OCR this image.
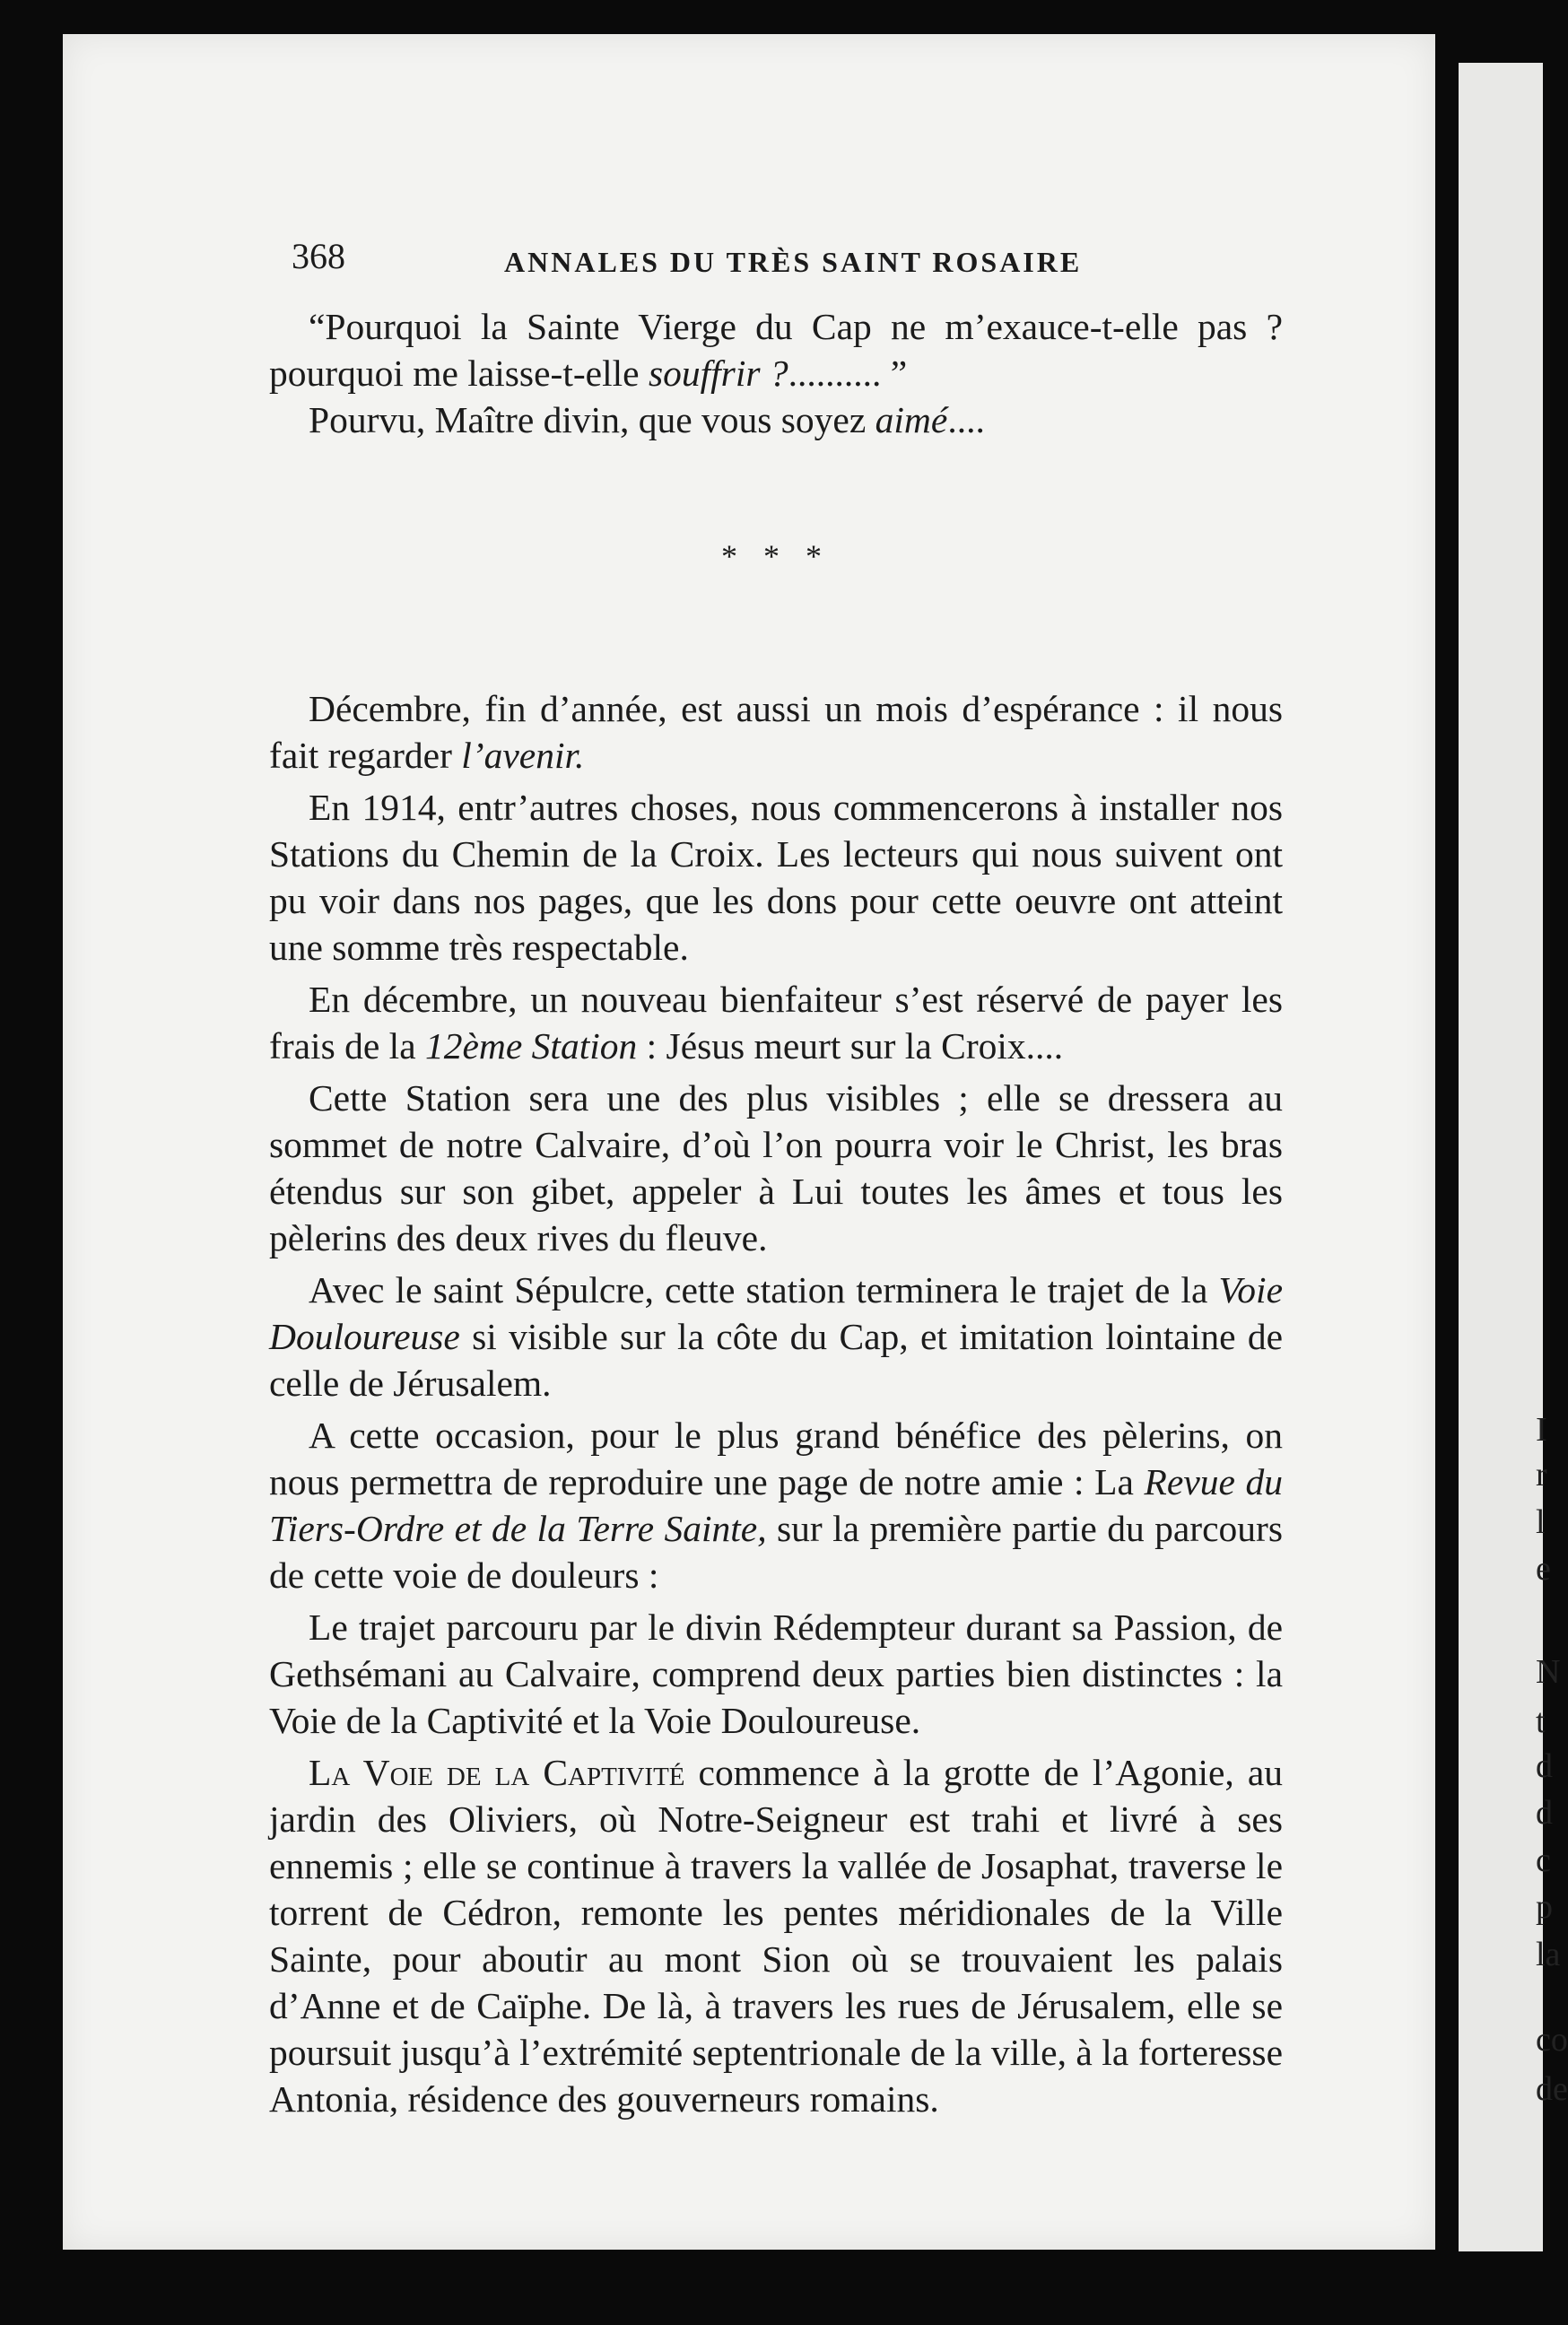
I
r
l
e
N
t
d
d
c
p
la
co
de
368	ANNALES DU TRÈS SAINT ROSAIRE

“Pourquoi la Sainte Vierge du Cap ne m’exauce-t-elle pas ? pourquoi me laisse-t-elle souffrir ?.......... ”

Pourvu, Maître divin, que vous soyez aimé....

* * *

Décembre, fin d’année, est aussi un mois d’espérance : il nous fait regarder l’avenir.

En 1914, entr’autres choses, nous commencerons à installer nos Stations du Chemin de la Croix. Les lecteurs qui nous suivent ont pu voir dans nos pages, que les dons pour cette oeuvre ont atteint une somme très respectable.

En décembre, un nouveau bienfaiteur s’est réservé de payer les frais de la 12ème Station : Jésus meurt sur la Croix....

Cette Station sera une des plus visibles ; elle se dressera au sommet de notre Calvaire, d’où l’on pourra voir le Christ, les bras étendus sur son gibet, appeler à Lui toutes les âmes et tous les pèlerins des deux rives du fleuve.

Avec le saint Sépulcre, cette station terminera le trajet de la Voie Douloureuse si visible sur la côte du Cap, et imitation lointaine de celle de Jérusalem.

A cette occasion, pour le plus grand bénéfice des pèlerins, on nous permettra de reproduire une page de notre amie : La Revue du Tiers-Ordre et de la Terre Sainte, sur la première partie du parcours de cette voie de douleurs :

Le trajet parcouru par le divin Rédempteur durant sa Passion, de Gethsémani au Calvaire, comprend deux parties bien distinctes : la Voie de la Captivité et la Voie Douloureuse.

La Voie de la Captivité commence à la grotte de l’Agonie, au jardin des Oliviers, où Notre-Seigneur est trahi et livré à ses ennemis ; elle se continue à travers la vallée de Josaphat, traverse le torrent de Cédron, remonte les pentes méridionales de la Ville Sainte, pour aboutir au mont Sion où se trouvaient les palais d’Anne et de Caïphe. De là, à travers les rues de Jérusalem, elle se poursuit jusqu’à l’extrémité septentrionale de la ville, à la forteresse Antonia, résidence des gouverneurs romains.
